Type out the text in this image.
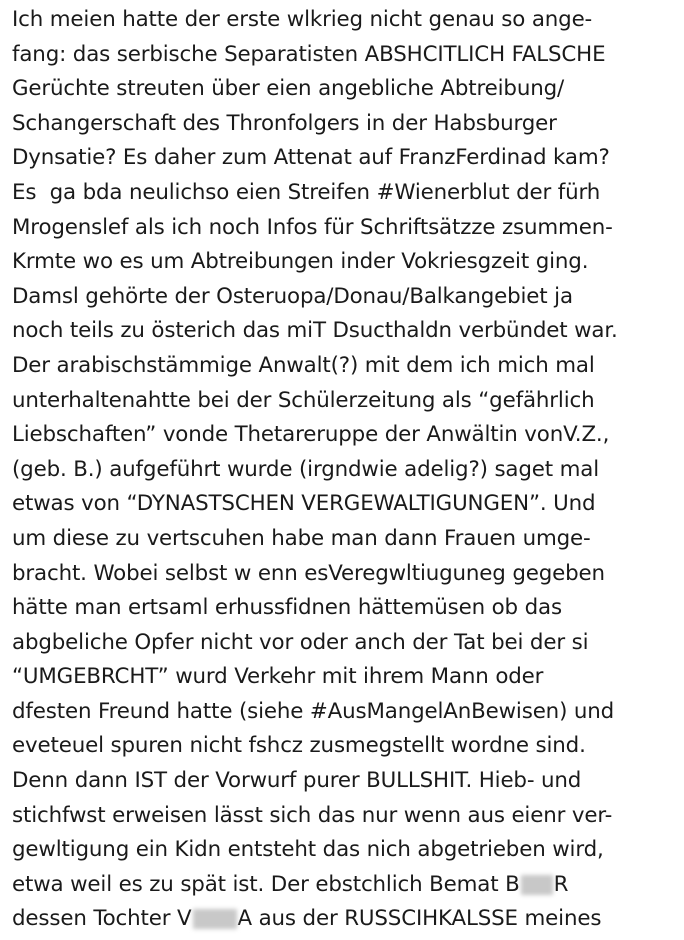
Ich meien hatte der erste wlkrieg nicht genau so ange-
fang: das serbische Separatisten ABSHCITLICH FALSCHE
Gerüchte streuten über eien angebliche Abtreibung/
Schangerschaft des Thronfolgers in der Habsburger
Dynsatie? Es daher zum Attenat auf FranzFerdinad kam?
Es  ga bda neulichso eien Streifen #Wienerblut der fürh
Mrogenslef als ich noch Infos für Schriftsätzze zsummen-
Krmte wo es um Abtreibungen inder Vokriesgzeit ging.
Damsl gehörte der Osteruopa/Donau/Balkangebiet ja
noch teils zu österich das miT Dsucthaldn verbündet war.
Der arabischstämmige Anwalt(?) mit dem ich mich mal
unterhaltenahtte bei der Schülerzeitung als “gefährlich
Liebschaften” vonde Thetareruppe der Anwältin vonV.Z.,
(geb. B.) aufgeführt wurde (irgndwie adelig?) saget mal
etwas von “DYNASTSCHEN VERGEWALTIGUNGEN”. Und
um diese zu vertscuhen habe man dann Frauen umge-
bracht. Wobei selbst w enn esVeregwltiuguneg gegeben
hätte man ertsaml erhussfidnen hättemüsen ob das
abgbeliche Opfer nicht vor oder anch der Tat bei der si
“UMGEBRCHT” wurd Verkehr mit ihrem Mann oder
dfesten Freund hatte (siehe #AusMangelAnBewisen) und
eveteuel spuren nicht fshcz zusmegstellt wordne sind.
Denn dann IST der Vorwurf purer BULLSHIT. Hieb- und
stichfwst erweisen lässt sich das nur wenn aus eienr ver-
gewltigung ein Kidn entsteht das nich abgetrieben wird,
etwa weil es zu spät ist. Der ebstchlich Bemat B R
dessen Tochter V A aus der RUSSCIHKALSSE meines
